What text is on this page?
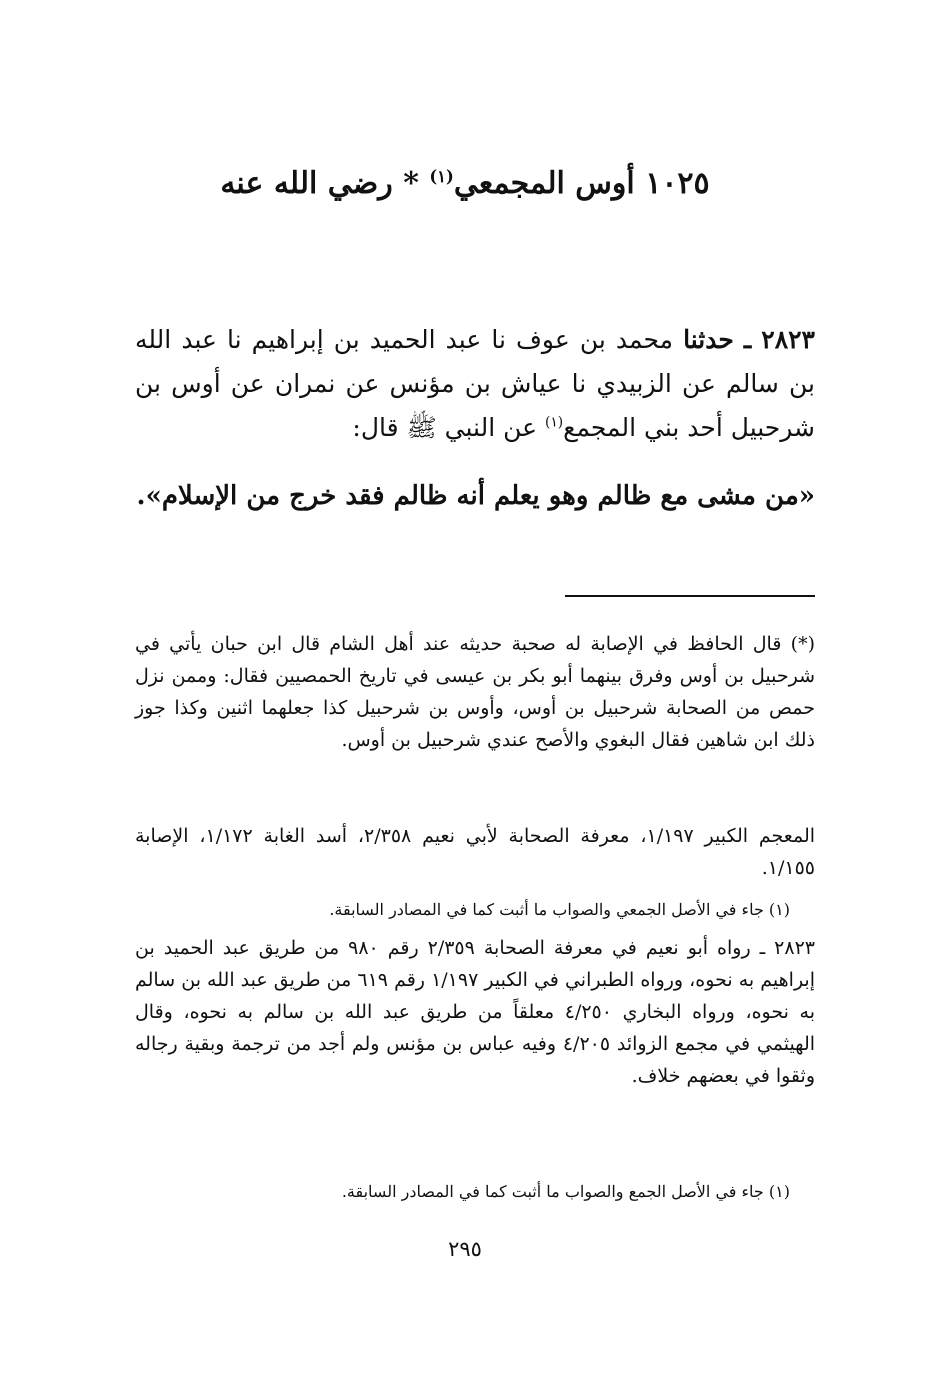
١٠٢٥ أوس المجمعي$^{(١)}$ * رضي الله عنه
٢٨٢٣ ـ حدثنا محمد بن عوف نا عبد الحميد بن إبراهيم نا عبد الله بن سالم عن الزبيدي نا عياش بن مؤنس عن نمران عن أوس بن شرحبيل أحد بني المجمع$^{(١)}$ عن النبي ﷺ قال:
«من مشى مع ظالم وهو يعلم أنه ظالم فقد خرج من الإسلام».
(*) قال الحافظ في الإصابة له صحبة حديثه عند أهل الشام قال ابن حبان يأتي في شرحبيل بن أوس وفرق بينهما أبو بكر بن عيسى في تاريخ الحمصيين فقال: وممن نزل حمص من الصحابة شرحبيل بن أوس، وأوس بن شرحبيل كذا جعلهما اثنين وكذا جوز ذلك ابن شاهين فقال البغوي والأصح عندي شرحبيل بن أوس.
المعجم الكبير ١/١٩٧، معرفة الصحابة لأبي نعيم ٢/٣٥٨، أسد الغابة ١/١٧٢، الإصابة ١/١٥٥.
(١) جاء في الأصل الجمعي والصواب ما أثبت كما في المصادر السابقة.
٢٨٢٣ ـ رواه أبو نعيم في معرفة الصحابة ٢/٣٥٩ رقم ٩٨٠ من طريق عبد الحميد بن إبراهيم به نحوه، ورواه الطبراني في الكبير ١/١٩٧ رقم ٦١٩ من طريق عبد الله بن سالم به نحوه، ورواه البخاري ٤/٢٥٠ معلقاً من طريق عبد الله بن سالم به نحوه، وقال الهيثمي في مجمع الزوائد ٤/٢٠٥ وفيه عباس بن مؤنس ولم أجد من ترجمة وبقية رجاله وثقوا في بعضهم خلاف.
(١) جاء في الأصل الجمع والصواب ما أثبت كما في المصادر السابقة.
٢٩٥
